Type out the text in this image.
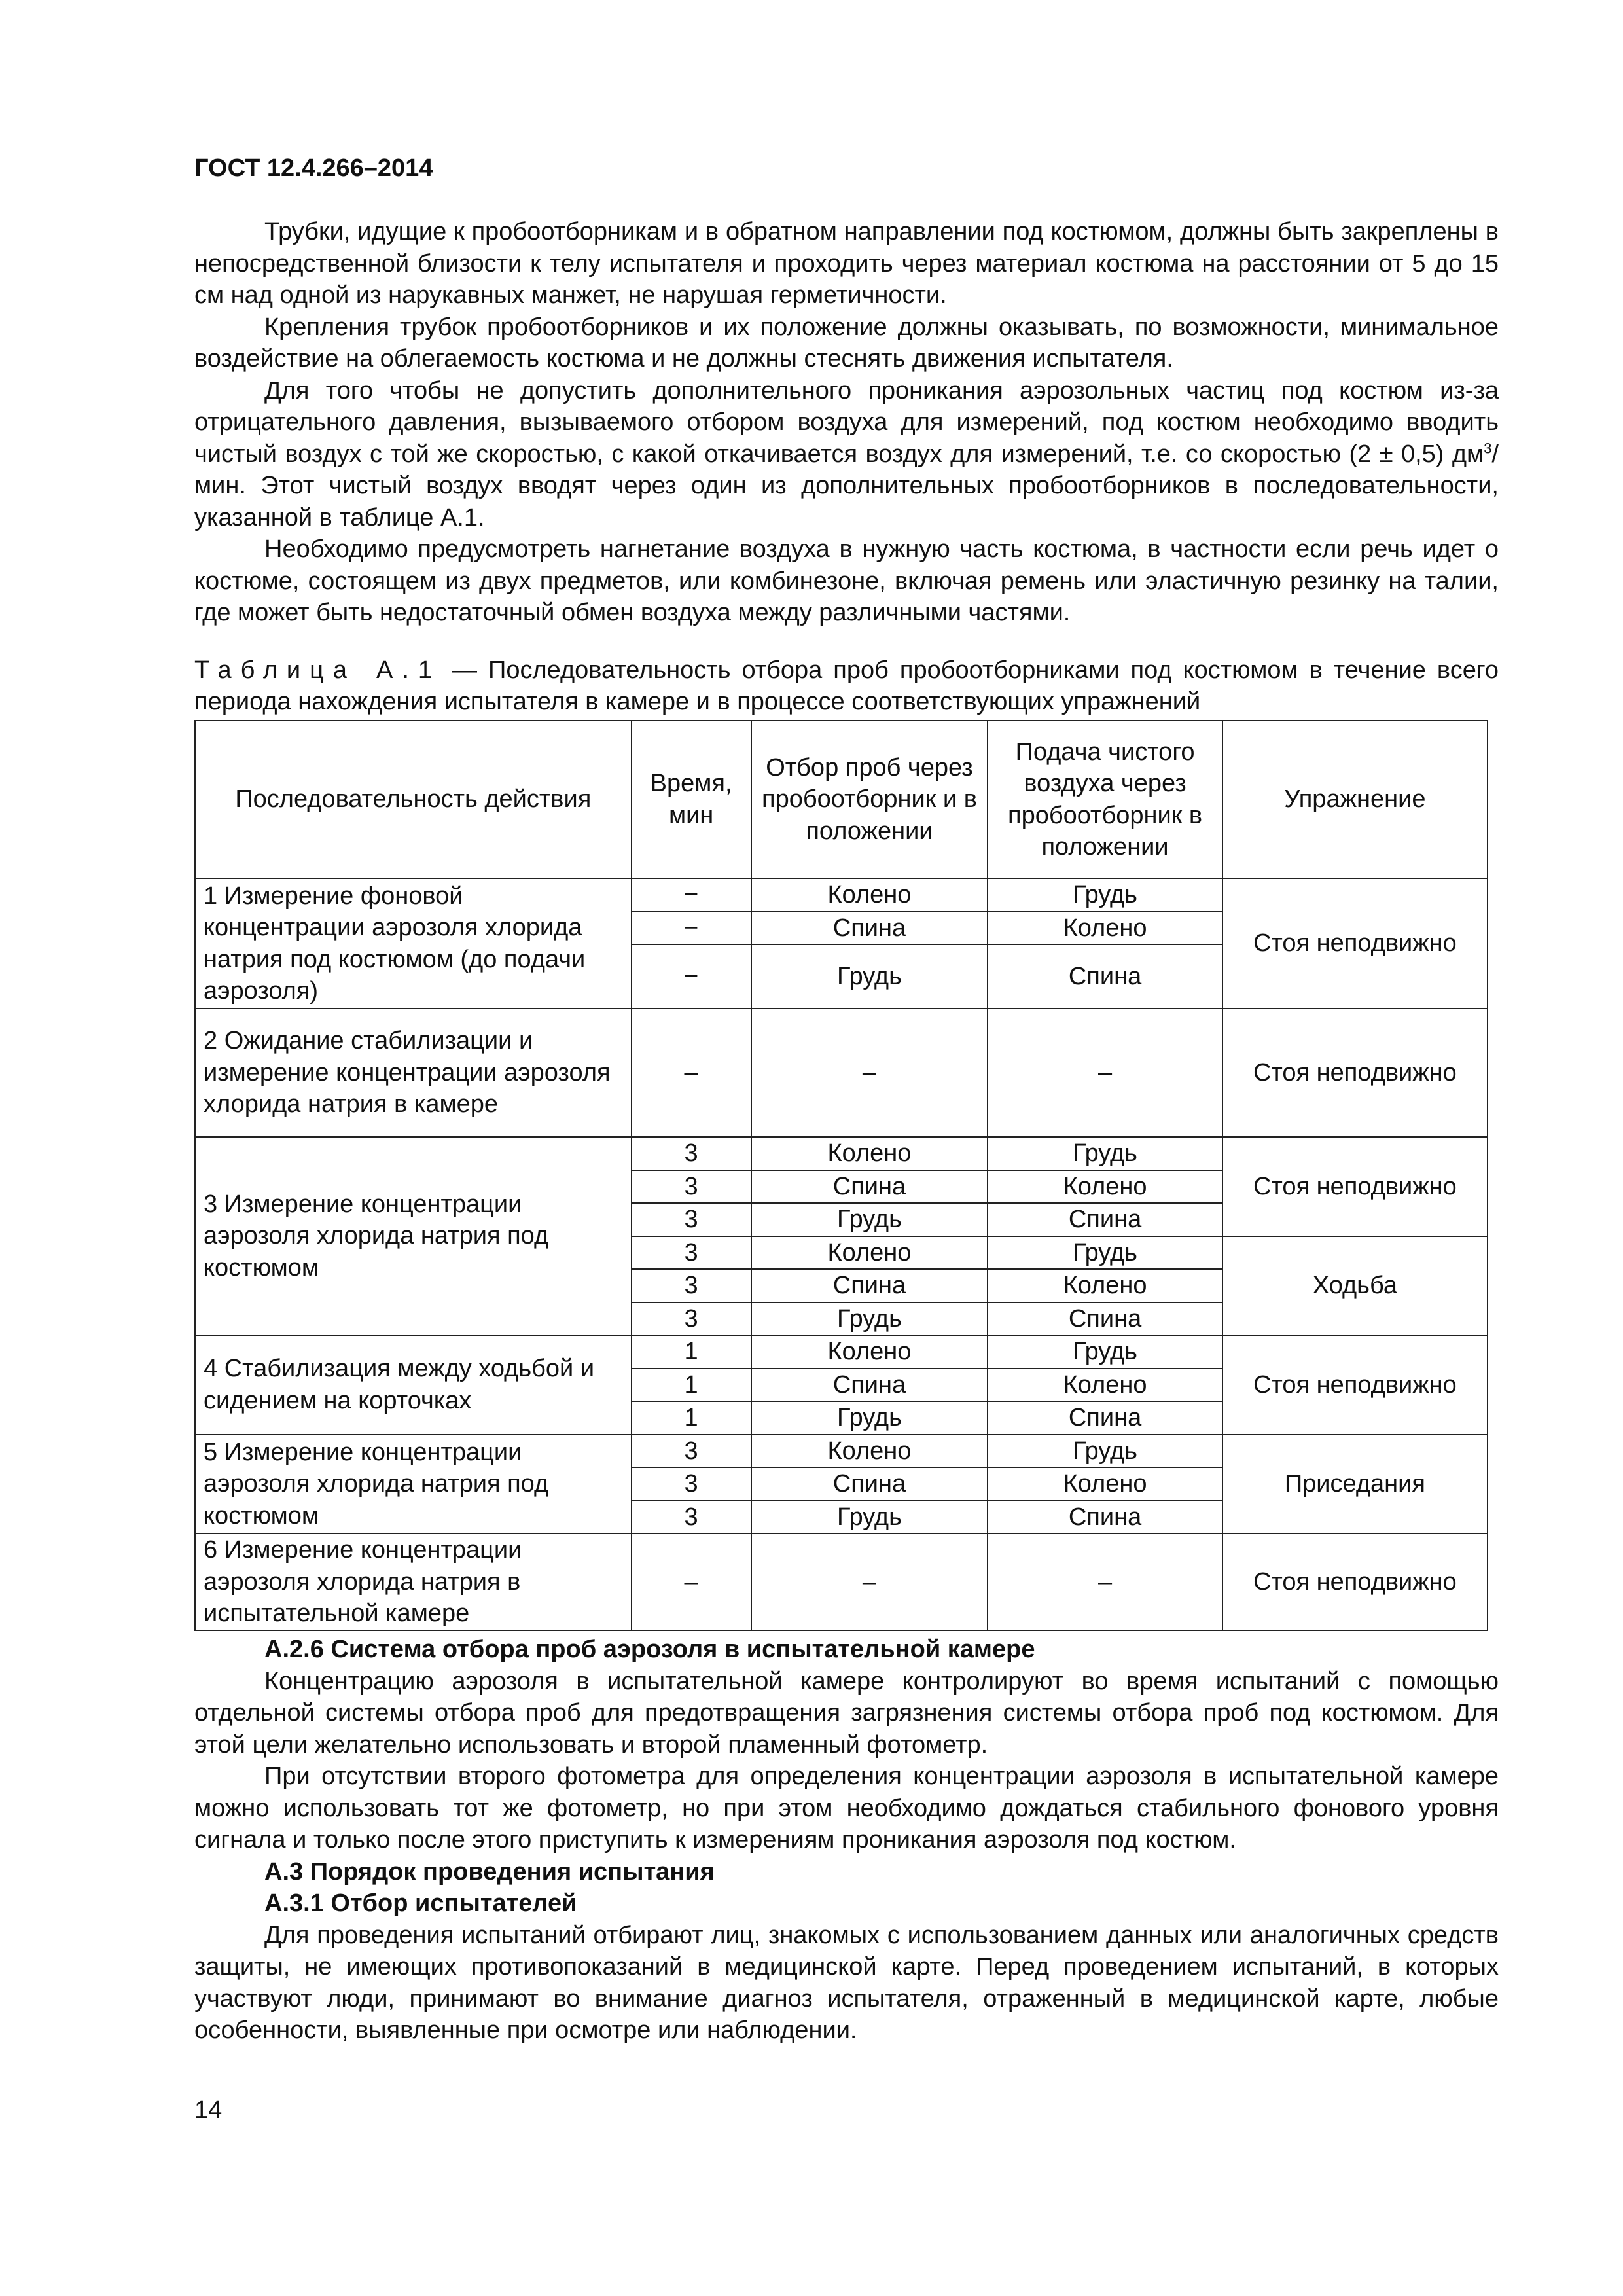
ГОСТ 12.4.266–2014

Трубки, идущие к пробоотборникам и в обратном направлении под костюмом, должны быть закреплены в непосредственной близости к телу испытателя и проходить через материал костюма на расстоянии от 5 до 15 см над одной из нарукавных манжет, не нарушая герметичности.

Крепления трубок пробоотборников и их положение должны оказывать, по возможности, минимальное воздействие на облегаемость костюма и не должны стеснять движения испытателя.

Для того чтобы не допустить дополнительного проникания аэрозольных частиц под костюм из-за отрицательного давления, вызываемого отбором воздуха для измерений, под костюм необходимо вводить чистый воздух с той же скоростью, с какой откачивается воздух для измерений, т.е. со скоростью (2 ± 0,5) $дм^3$/мин. Этот чистый воздух вводят через один из дополнительных пробоотборников в последовательности, указанной в таблице А.1.

Необходимо предусмотреть нагнетание воздуха в нужную часть костюма, в частности если речь идет о костюме, состоящем из двух предметов, или комбинезоне, включая ремень или эластичную резинку на талии, где может быть недостаточный обмен воздуха между различными частями.

Таблица А.1 — Последовательность отбора проб пробоотборниками под костюмом в течение всего периода нахождения испытателя в камере и в процессе соответствующих упражнений
Последовательность действия	Время, мин	Отбор проб через пробоотборник и в положении	Подача чистого воздуха через пробоотборник в положении	Упражнение
1 Измерение фоновой концентрации аэрозоля хлорида натрия под костюмом (до подачи аэрозоля)	−	Колено	Грудь	Стоя неподвижно
	−	Спина	Колено	
	−	Грудь	Спина	
2 Ожидание стабилизации и измерение концентрации аэрозоля хлорида натрия в камере	–	–	–	Стоя неподвижно
3 Измерение концентрации аэрозоля хлорида натрия под костюмом	3	Колено	Грудь	Стоя неподвижно
	3	Спина	Колено	
	3	Грудь	Спина	
	3	Колено	Грудь	Ходьба
	3	Спина	Колено	
	3	Грудь	Спина	
4 Стабилизация между ходьбой и сидением на корточках	1	Колено	Грудь	Стоя неподвижно
	1	Спина	Колено	
	1	Грудь	Спина	
5 Измерение концентрации аэрозоля хлорида натрия под костюмом	3	Колено	Грудь	Приседания
	3	Спина	Колено	
	3	Грудь	Спина	
6 Измерение концентрации аэрозоля хлорида натрия в испытательной камере	–	–	–	Стоя неподвижно

А.2.6 Система отбора проб аэрозоля в испытательной камере

Концентрацию аэрозоля в испытательной камере контролируют во время испытаний с помощью отдельной системы отбора проб для предотвращения загрязнения системы отбора проб под костюмом. Для этой цели желательно использовать и второй пламенный фотометр.

При отсутствии второго фотометра для определения концентрации аэрозоля в испытательной камере можно использовать тот же фотометр, но при этом необходимо дождаться стабильного фонового уровня сигнала и только после этого приступить к измерениям проникания аэрозоля под костюм.

А.3 Порядок проведения испытания

А.3.1 Отбор испытателей

Для проведения испытаний отбирают лиц, знакомых с использованием данных или аналогичных средств защиты, не имеющих противопоказаний в медицинской карте. Перед проведением испытаний, в которых участвуют люди, принимают во внимание диагноз испытателя, отраженный в медицинской карте, любые особенности, выявленные при осмотре или наблюдении.

14
